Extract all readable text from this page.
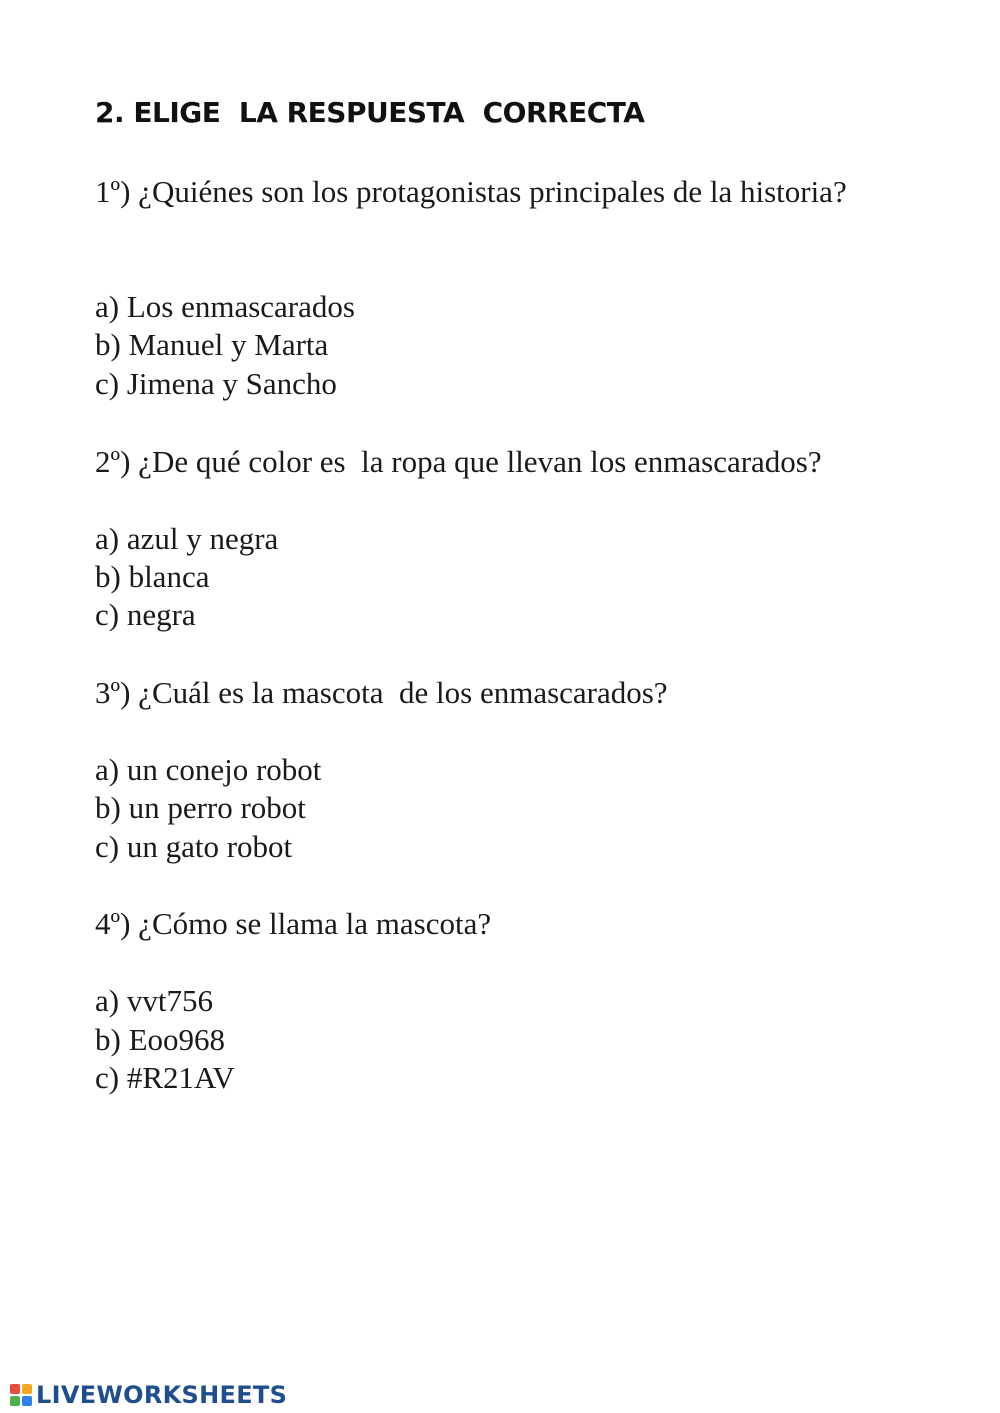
2. ELIGE  LA RESPUESTA  CORRECTA
1º) ¿Quiénes son los protagonistas principales de la historia?
a) Los enmascarados
b) Manuel y Marta
c) Jimena y Sancho
2º) ¿De qué color es  la ropa que llevan los enmascarados?
a) azul y negra
b) blanca
c) negra
3º) ¿Cuál es la mascota  de los enmascarados?
a) un conejo robot
b) un perro robot
c) un gato robot
4º) ¿Cómo se llama la mascota?
a) vvt756
b) Eoo968
c) #R21AV
LIVEWORKSHEETS
